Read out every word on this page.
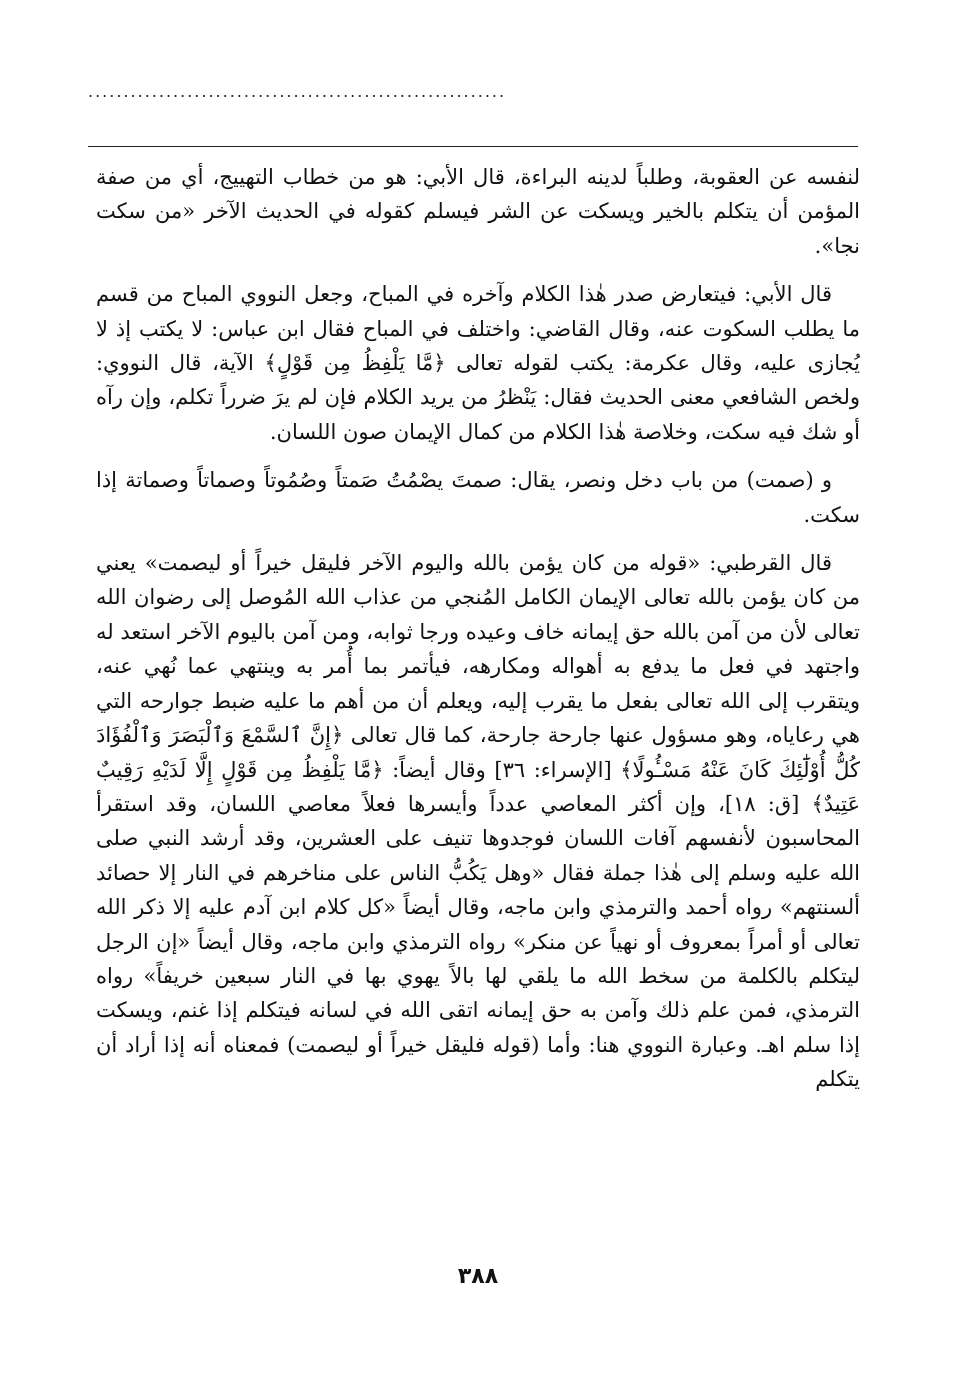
...........................................................

لنفسه عن العقوبة، وطلباً لدينه البراءة، قال الأبي: هو من خطاب التهييج، أي من صفة المؤمن أن يتكلم بالخير ويسكت عن الشر فيسلم كقوله في الحديث الآخر «من سكت نجا».

قال الأبي: فيتعارض صدر هٰذا الكلام وآخره في المباح، وجعل النووي المباح من قسم ما يطلب السكوت عنه، وقال القاضي: واختلف في المباح فقال ابن عباس: لا يكتب إذ لا يُجازى عليه، وقال عكرمة: يكتب لقوله تعالى ﴿مَّا يَلْفِظُ مِن قَوْلٍ﴾ الآية، قال النووي: ولخص الشافعي معنى الحديث فقال: يَنْظرُ من يريد الكلام فإن لم يرَ ضرراً تكلم، وإن رآه أو شك فيه سكت، وخلاصة هٰذا الكلام من كمال الإيمان صون اللسان.

و (صمت) من باب دخل ونصر، يقال: صمتَ يصْمُتُ صَمتاً وصُمُوتاً وصماتاً وصماتة إذا سكت.

قال القرطبي: «قوله من كان يؤمن بالله واليوم الآخر فليقل خيراً أو ليصمت» يعني من كان يؤمن بالله تعالى الإيمان الكامل المُنجي من عذاب الله المُوصل إلى رضوان الله تعالى لأن من آمن بالله حق إيمانه خاف وعيده ورجا ثوابه، ومن آمن باليوم الآخر استعد له واجتهد في فعل ما يدفع به أهواله ومكارهه، فيأتمر بما أُمر به وينتهي عما نُهي عنه، ويتقرب إلى الله تعالى بفعل ما يقرب إليه، ويعلم أن من أهم ما عليه ضبط جوارحه التي هي رعاياه، وهو مسؤول عنها جارحة جارحة، كما قال تعالى ﴿إِنَّ ٱلسَّمْعَ وَٱلْبَصَرَ وَٱلْفُؤَادَ كُلُّ أُوْلَٰٓئِكَ كَانَ عَنْهُ مَسْـُٔولًا﴾ [الإسراء: ٣٦] وقال أيضاً: ﴿مَّا يَلْفِظُ مِن قَوْلٍ إِلَّا لَدَيْهِ رَقِيبٌ عَتِيدٌ﴾ [ق: ١٨]، وإن أكثر المعاصي عدداً وأيسرها فعلاً معاصي اللسان، وقد استقرأ المحاسبون لأنفسهم آفات اللسان فوجدوها تنيف على العشرين، وقد أرشد النبي صلى الله عليه وسلم إلى هٰذا جملة فقال «وهل يَكُبُّ الناس على مناخرهم في النار إلا حصائد ألسنتهم» رواه أحمد والترمذي وابن ماجه، وقال أيضاً «كل كلام ابن آدم عليه إلا ذكر الله تعالى أو أمراً بمعروف أو نهياً عن منكر» رواه الترمذي وابن ماجه، وقال أيضاً «إن الرجل ليتكلم بالكلمة من سخط الله ما يلقي لها بالاً يهوي بها في النار سبعين خريفاً» رواه الترمذي، فمن علم ذلك وآمن به حق إيمانه اتقى الله في لسانه فيتكلم إذا غنم، ويسكت إذا سلم اهـ. وعبارة النووي هنا: وأما (قوله فليقل خيراً أو ليصمت) فمعناه أنه إذا أراد أن يتكلم

٣٨٨
